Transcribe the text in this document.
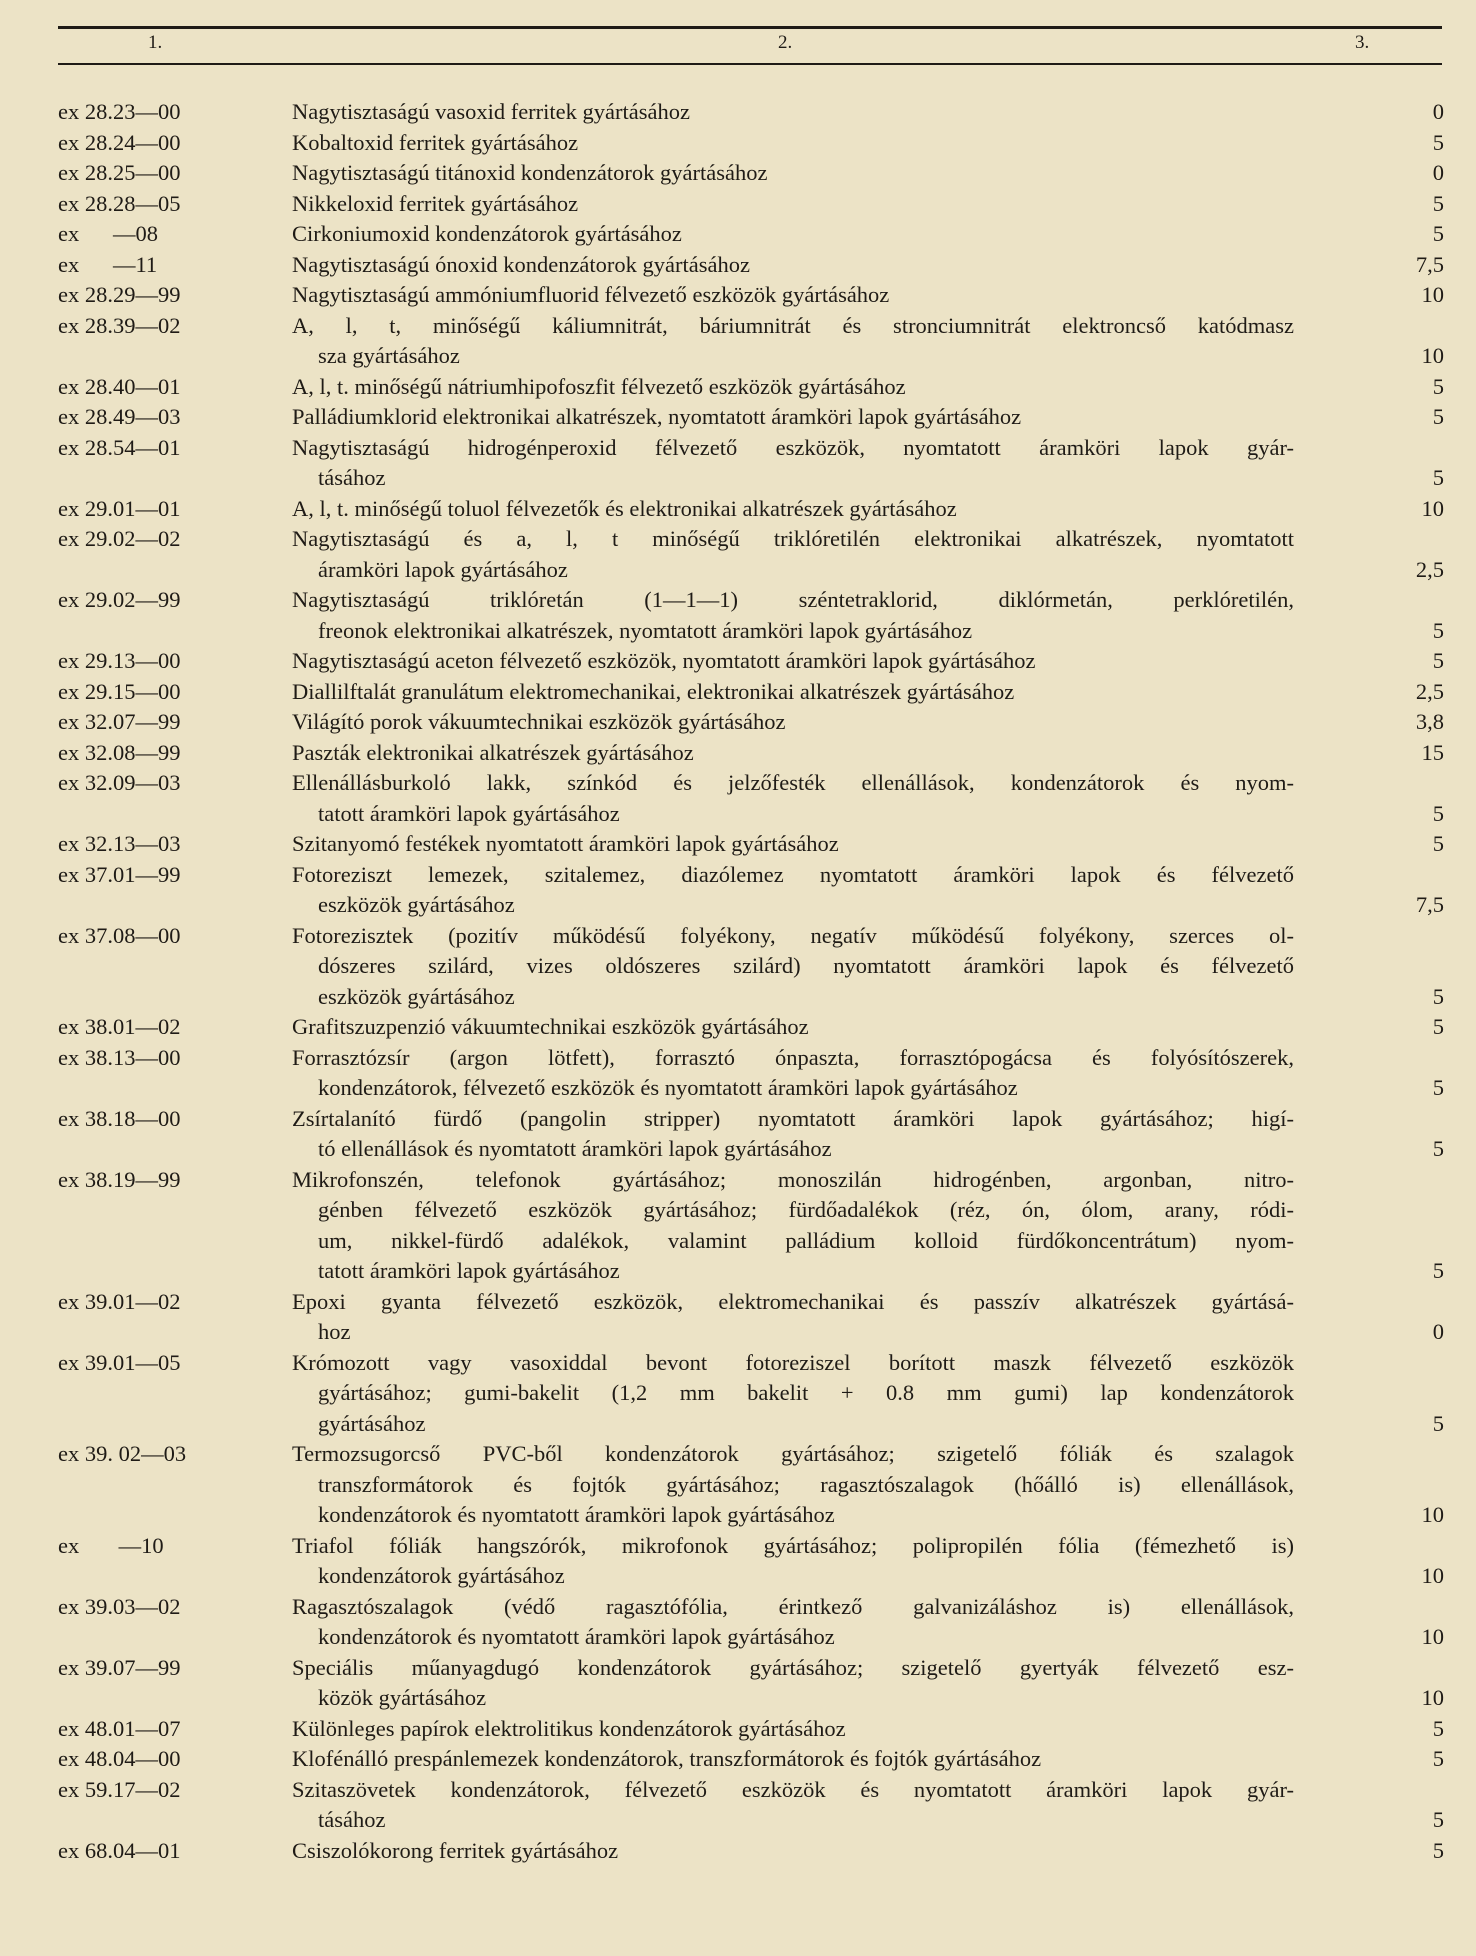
1.	2.	3.
ex 28.23—00	Nagytisztaságú vasoxid ferritek gyártásához	0
ex 28.24—00	Kobaltoxid ferritek gyártásához	5
ex 28.25—00	Nagytisztaságú titánoxid kondenzátorok gyártásához	0
ex 28.28—05	Nikkeloxid ferritek gyártásához	5
ex      —08	Cirkoniumoxid kondenzátorok gyártásához	5
ex      —11	Nagytisztaságú ónoxid kondenzátorok gyártásához	7,5
ex 28.29—99	Nagytisztaságú ammóniumfluorid félvezető eszközök gyártásához	10
ex 28.39—02	A, l, t, minőségű káliumnitrát, báriumnitrát és stronciumnitrát elektroncső katódmasz
sza gyártásához	10
ex 28.40—01	A, l, t. minőségű nátriumhipofoszfit félvezető eszközök gyártásához	5
ex 28.49—03	Palládiumklorid elektronikai alkatrészek, nyomtatott áramköri lapok gyártásához	5
ex 28.54—01	Nagytisztaságú hidrogénperoxid félvezető eszközök, nyomtatott áramköri lapok gyár-
tásához	5
ex 29.01—01	A, l, t. minőségű toluol félvezetők és elektronikai alkatrészek gyártásához	10
ex 29.02—02	Nagytisztaságú és a, l, t minőségű triklóretilén elektronikai alkatrészek, nyomtatott
áramköri lapok gyártásához	2,5
ex 29.02—99	Nagytisztaságú triklóretán (1—1—1) széntetraklorid, diklórmetán, perklóretilén,
freonok elektronikai alkatrészek, nyomtatott áramköri lapok gyártásához	5
ex 29.13—00	Nagytisztaságú aceton félvezető eszközök, nyomtatott áramköri lapok gyártásához	5
ex 29.15—00	Diallilftalát granulátum elektromechanikai, elektronikai alkatrészek gyártásához	2,5
ex 32.07—99	Világító porok vákuumtechnikai eszközök gyártásához	3,8
ex 32.08—99	Paszták elektronikai alkatrészek gyártásához	15
ex 32.09—03	Ellenállásburkoló lakk, színkód és jelzőfesték ellenállások, kondenzátorok és nyom-
tatott áramköri lapok gyártásához	5
ex 32.13—03	Szitanyomó festékek nyomtatott áramköri lapok gyártásához	5
ex 37.01—99	Fotoreziszt lemezek, szitalemez, diazólemez nyomtatott áramköri lapok és félvezető
eszközök gyártásához	7,5
ex 37.08—00	Fotorezisztek (pozitív működésű folyékony, negatív működésű folyékony, szerces ol-
dószeres szilárd, vizes oldószeres szilárd) nyomtatott áramköri lapok és félvezető
eszközök gyártásához	5
ex 38.01—02	Grafitszuzpenzió vákuumtechnikai eszközök gyártásához	5
ex 38.13—00	Forrasztózsír (argon lötfett), forrasztó ónpaszta, forrasztópogácsa és folyósítószerek,
kondenzátorok, félvezető eszközök és nyomtatott áramköri lapok gyártásához	5
ex 38.18—00	Zsírtalanító fürdő (pangolin stripper) nyomtatott áramköri lapok gyártásához; higí-
tó ellenállások és nyomtatott áramköri lapok gyártásához	5
ex 38.19—99	Mikrofonszén, telefonok gyártásához; monoszilán hidrogénben, argonban, nitro-
génben félvezető eszközök gyártásához; fürdőadalékok (réz, ón, ólom, arany, ródi-
um, nikkel-fürdő adalékok, valamint palládium kolloid fürdőkoncentrátum) nyom-
tatott áramköri lapok gyártásához	5
ex 39.01—02	Epoxi gyanta félvezető eszközök, elektromechanikai és passzív alkatrészek gyártásá-
hoz	0
ex 39.01—05	Krómozott vagy vasoxiddal bevont fotoreziszel borított maszk félvezető eszközök
gyártásához; gumi-bakelit (1,2 mm bakelit + 0.8 mm gumi) lap kondenzátorok
gyártásához	5
ex 39. 02—03	Termozsugorcső PVC-ből kondenzátorok gyártásához; szigetelő fóliák és szalagok
transzformátorok és fojtók gyártásához; ragasztószalagok (hőálló is) ellenállások,
kondenzátorok és nyomtatott áramköri lapok gyártásához	10
ex       —10	Triafol fóliák hangszórók, mikrofonok gyártásához; polipropilén fólia (fémezhető is)
kondenzátorok gyártásához	10
ex 39.03—02	Ragasztószalagok (védő ragasztófólia, érintkező galvanizáláshoz is) ellenállások,
kondenzátorok és nyomtatott áramköri lapok gyártásához	10
ex 39.07—99	Speciális műanyagdugó kondenzátorok gyártásához; szigetelő gyertyák félvezető esz-
közök gyártásához	10
ex 48.01—07	Különleges papírok elektrolitikus kondenzátorok gyártásához	5
ex 48.04—00	Klofénálló prespánlemezek kondenzátorok, transzformátorok és fojtók gyártásához	5
ex 59.17—02	Szitaszövetek kondenzátorok, félvezető eszközök és nyomtatott áramköri lapok gyár-
tásához	5
ex 68.04—01	Csiszolókorong ferritek gyártásához	5
